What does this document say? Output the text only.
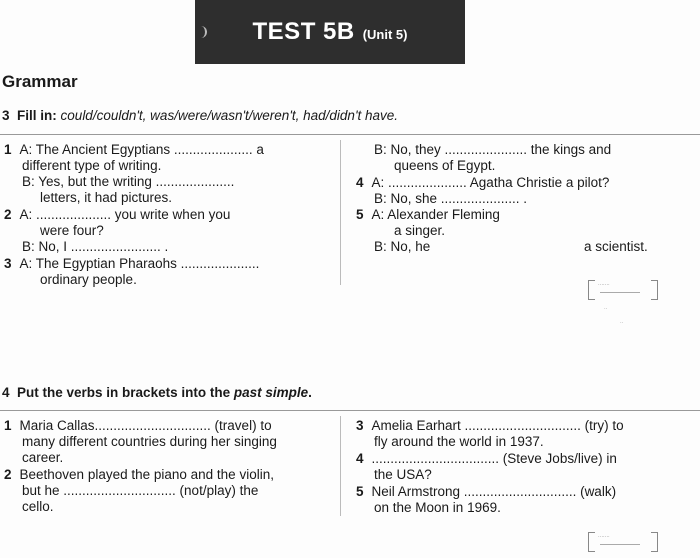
TEST 5B (Unit 5)
Grammar
3 Fill in: could/couldn't, was/were/wasn't/weren't, had/didn't have.
1 A: The Ancient Egyptians ..................... a
different type of writing.
B: Yes, but the writing .....................
letters, it had pictures.
2 A: .................... you write when you
were four?
B: No, I ........................ .
3 A: The Egyptian Pharaohs .....................
ordinary people.
B: No, they ...................... the kings and
queens of Egypt.
4 A: ..................... Agatha Christie a pilot?
B: No, she ..................... .
5 A: Alexander Fleming
a singer.
B: No, he	a scientist.
·······
··
··
4 Put the verbs in brackets into the past simple.
1 Maria Callas............................... (travel) to
many different countries during her singing
career.
2 Beethoven played the piano and the violin,
but he .............................. (not/play) the
cello.
3 Amelia Earhart ............................... (try) to
fly around the world in 1937.
4 .................................. (Steve Jobs/live) in
the USA?
5 Neil Armstrong .............................. (walk)
on the Moon in 1969.
·······
